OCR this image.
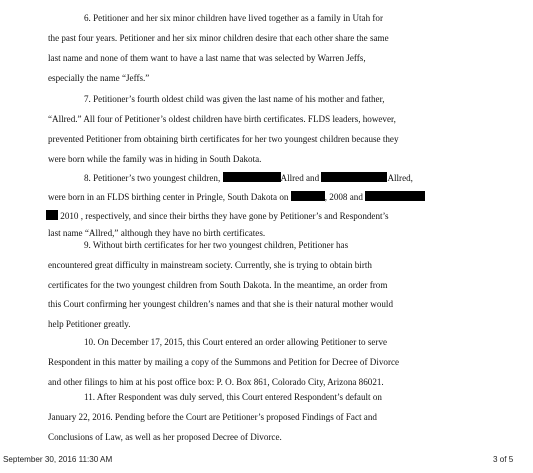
6. Petitioner and her six minor children have lived together as a family in Utah for
the past four years. Petitioner and her six minor children desire that each other share the same
last name and none of them want to have a last name that was selected by Warren Jeffs,
especially the name “Jeffs.”
7. Petitioner’s fourth oldest child was given the last name of his mother and father,
“Allred.” All four of Petitioner’s oldest children have birth certificates. FLDS leaders, however,
prevented Petitioner from obtaining birth certificates for her two youngest children because they
were born while the family was in hiding in South Dakota.
8. Petitioner’s two youngest children,	Allred and	Allred,
were born in an FLDS birthing center in Pringle, South Dakota on	, 2008 and
2010 , respectively, and since their births they have gone by Petitioner’s and Respondent’s
last name “Allred,” although they have no birth certificates.
9. Without birth certificates for her two youngest children, Petitioner has
encountered great difficulty in mainstream society. Currently, she is trying to obtain birth
certificates for the two youngest children from South Dakota. In the meantime, an order from
this Court confirming her youngest children’s names and that she is their natural mother would
help Petitioner greatly.
10. On December 17, 2015, this Court entered an order allowing Petitioner to serve
Respondent in this matter by mailing a copy of the Summons and Petition for Decree of Divorce
and other filings to him at his post office box: P. O. Box 861, Colorado City, Arizona 86021.
11. After Respondent was duly served, this Court entered Respondent’s default on
January 22, 2016. Pending before the Court are Petitioner’s proposed Findings of Fact and
Conclusions of Law, as well as her proposed Decree of Divorce.
September 30, 2016 11:30 AM	3 of 5
